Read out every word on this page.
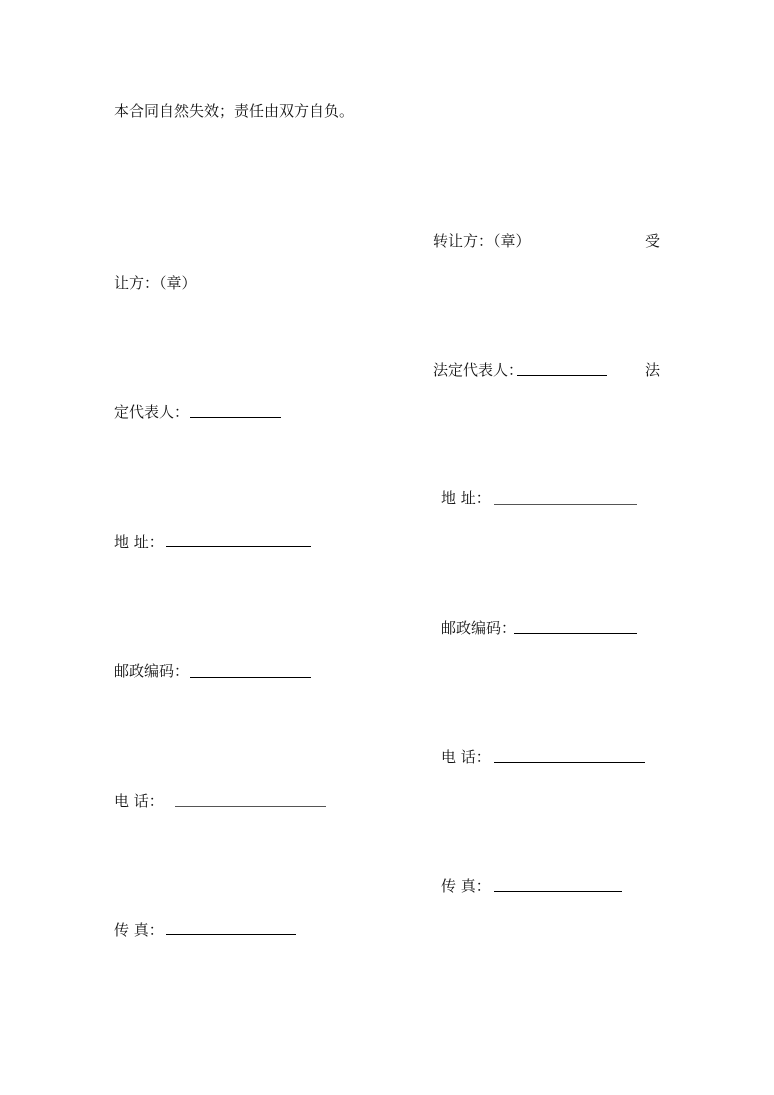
本合同自然失效；责任由双方自负。
转让方：（章）	受
让方：（章）
法定代表人：	法
定代表人：
地 址：
地 址：
邮政编码：
邮政编码：
电 话：
电 话：
传 真：
传 真：
